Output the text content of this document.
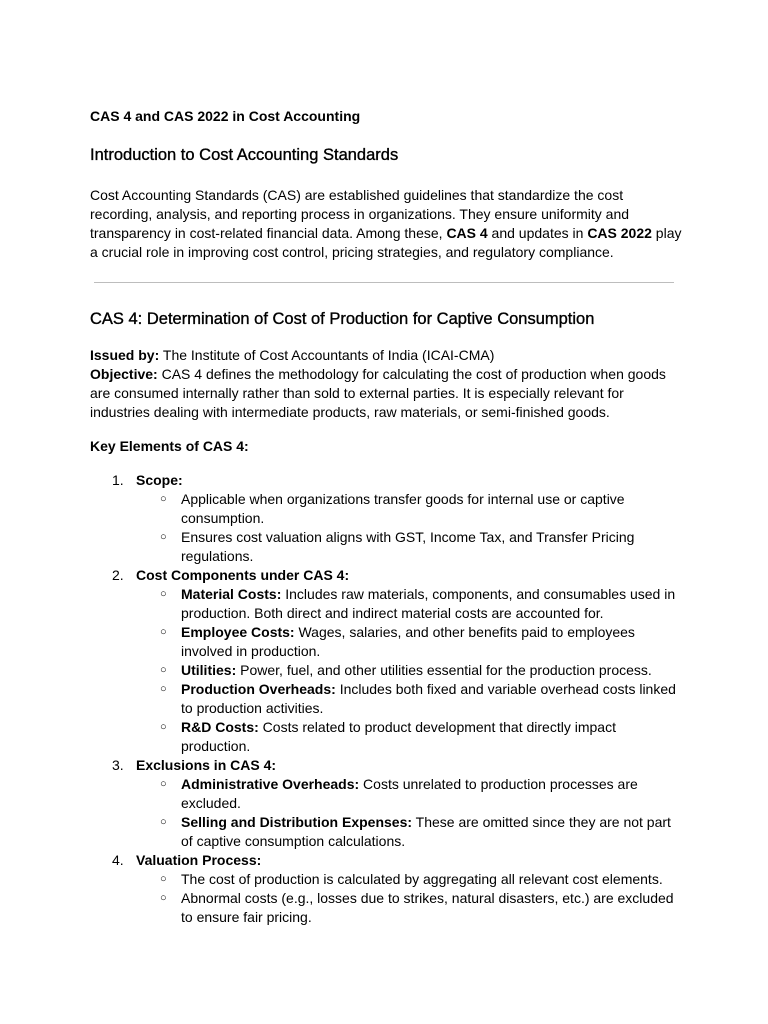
CAS 4 and CAS 2022 in Cost Accounting

Introduction to Cost Accounting Standards

Cost Accounting Standards (CAS) are established guidelines that standardize the cost recording, analysis, and reporting process in organizations. They ensure uniformity and transparency in cost-related financial data. Among these, CAS 4 and updates in CAS 2022 play a crucial role in improving cost control, pricing strategies, and regulatory compliance.

CAS 4: Determination of Cost of Production for Captive Consumption

Issued by: The Institute of Cost Accountants of India (ICAI-CMA)

Objective: CAS 4 defines the methodology for calculating the cost of production when goods are consumed internally rather than sold to external parties. It is especially relevant for industries dealing with intermediate products, raw materials, or semi-finished goods.

Key Elements of CAS 4:

1. Scope:
○ Applicable when organizations transfer goods for internal use or captive consumption.
○ Ensures cost valuation aligns with GST, Income Tax, and Transfer Pricing regulations.
2. Cost Components under CAS 4:
○ Material Costs: Includes raw materials, components, and consumables used in production. Both direct and indirect material costs are accounted for.
○ Employee Costs: Wages, salaries, and other benefits paid to employees involved in production.
○ Utilities: Power, fuel, and other utilities essential for the production process.
○ Production Overheads: Includes both fixed and variable overhead costs linked to production activities.
○ R&D Costs: Costs related to product development that directly impact production.
3. Exclusions in CAS 4:
○ Administrative Overheads: Costs unrelated to production processes are excluded.
○ Selling and Distribution Expenses: These are omitted since they are not part of captive consumption calculations.
4. Valuation Process:
○ The cost of production is calculated by aggregating all relevant cost elements.
○ Abnormal costs (e.g., losses due to strikes, natural disasters, etc.) are excluded to ensure fair pricing.
